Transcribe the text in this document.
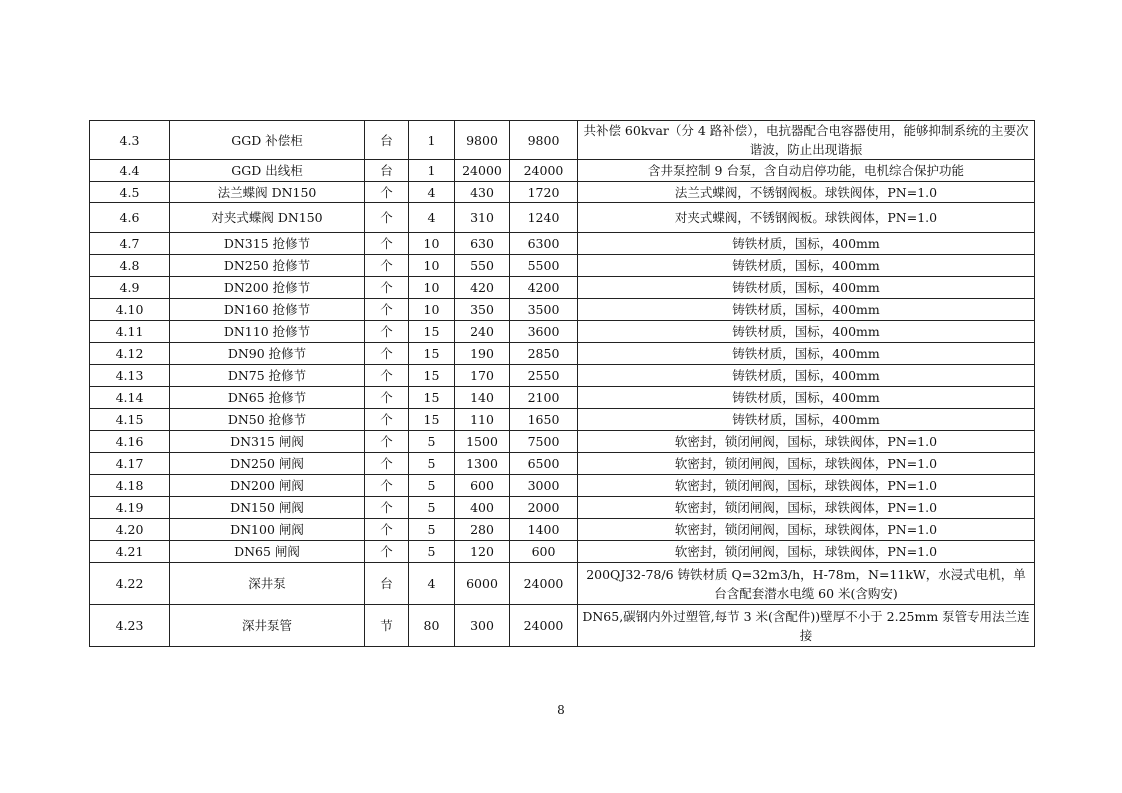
4.3	GGD 补偿柜	台	1	9800	9800	共补偿 60kvar（分 4 路补偿），电抗器配合电容器使用，能够抑制系统的主要次谐波，防止出现谐振
4.4	GGD 出线柜	台	1	24000	24000	含井泵控制 9 台泵，含自动启停功能，电机综合保护功能
4.5	法兰蝶阀 DN150	个	4	430	1720	法兰式蝶阀，不锈钢阀板。球铁阀体，PN=1.0
4.6	对夹式蝶阀 DN150	个	4	310	1240	对夹式蝶阀，不锈钢阀板。球铁阀体，PN=1.0
4.7	DN315 抢修节	个	10	630	6300	铸铁材质，国标，400mm
4.8	DN250 抢修节	个	10	550	5500	铸铁材质，国标，400mm
4.9	DN200 抢修节	个	10	420	4200	铸铁材质，国标，400mm
4.10	DN160 抢修节	个	10	350	3500	铸铁材质，国标，400mm
4.11	DN110 抢修节	个	15	240	3600	铸铁材质，国标，400mm
4.12	DN90 抢修节	个	15	190	2850	铸铁材质，国标，400mm
4.13	DN75 抢修节	个	15	170	2550	铸铁材质，国标，400mm
4.14	DN65 抢修节	个	15	140	2100	铸铁材质，国标，400mm
4.15	DN50 抢修节	个	15	110	1650	铸铁材质，国标，400mm
4.16	DN315 闸阀	个	5	1500	7500	软密封，锁闭闸阀，国标，球铁阀体，PN=1.0
4.17	DN250 闸阀	个	5	1300	6500	软密封，锁闭闸阀，国标，球铁阀体，PN=1.0
4.18	DN200 闸阀	个	5	600	3000	软密封，锁闭闸阀，国标，球铁阀体，PN=1.0
4.19	DN150 闸阀	个	5	400	2000	软密封，锁闭闸阀，国标，球铁阀体，PN=1.0
4.20	DN100 闸阀	个	5	280	1400	软密封，锁闭闸阀，国标，球铁阀体，PN=1.0
4.21	DN65 闸阀	个	5	120	600	软密封，锁闭闸阀，国标，球铁阀体，PN=1.0
4.22	深井泵	台	4	6000	24000	200QJ32-78/6 铸铁材质 Q=32m3/h，H-78m，N=11kW，水浸式电机，单台含配套潜水电缆 60 米(含购安)
4.23	深井泵管	节	80	300	24000	DN65,碳钢内外过塑管,每节 3 米(含配件))壁厚不小于 2.25mm 泵管专用法兰连接
8
